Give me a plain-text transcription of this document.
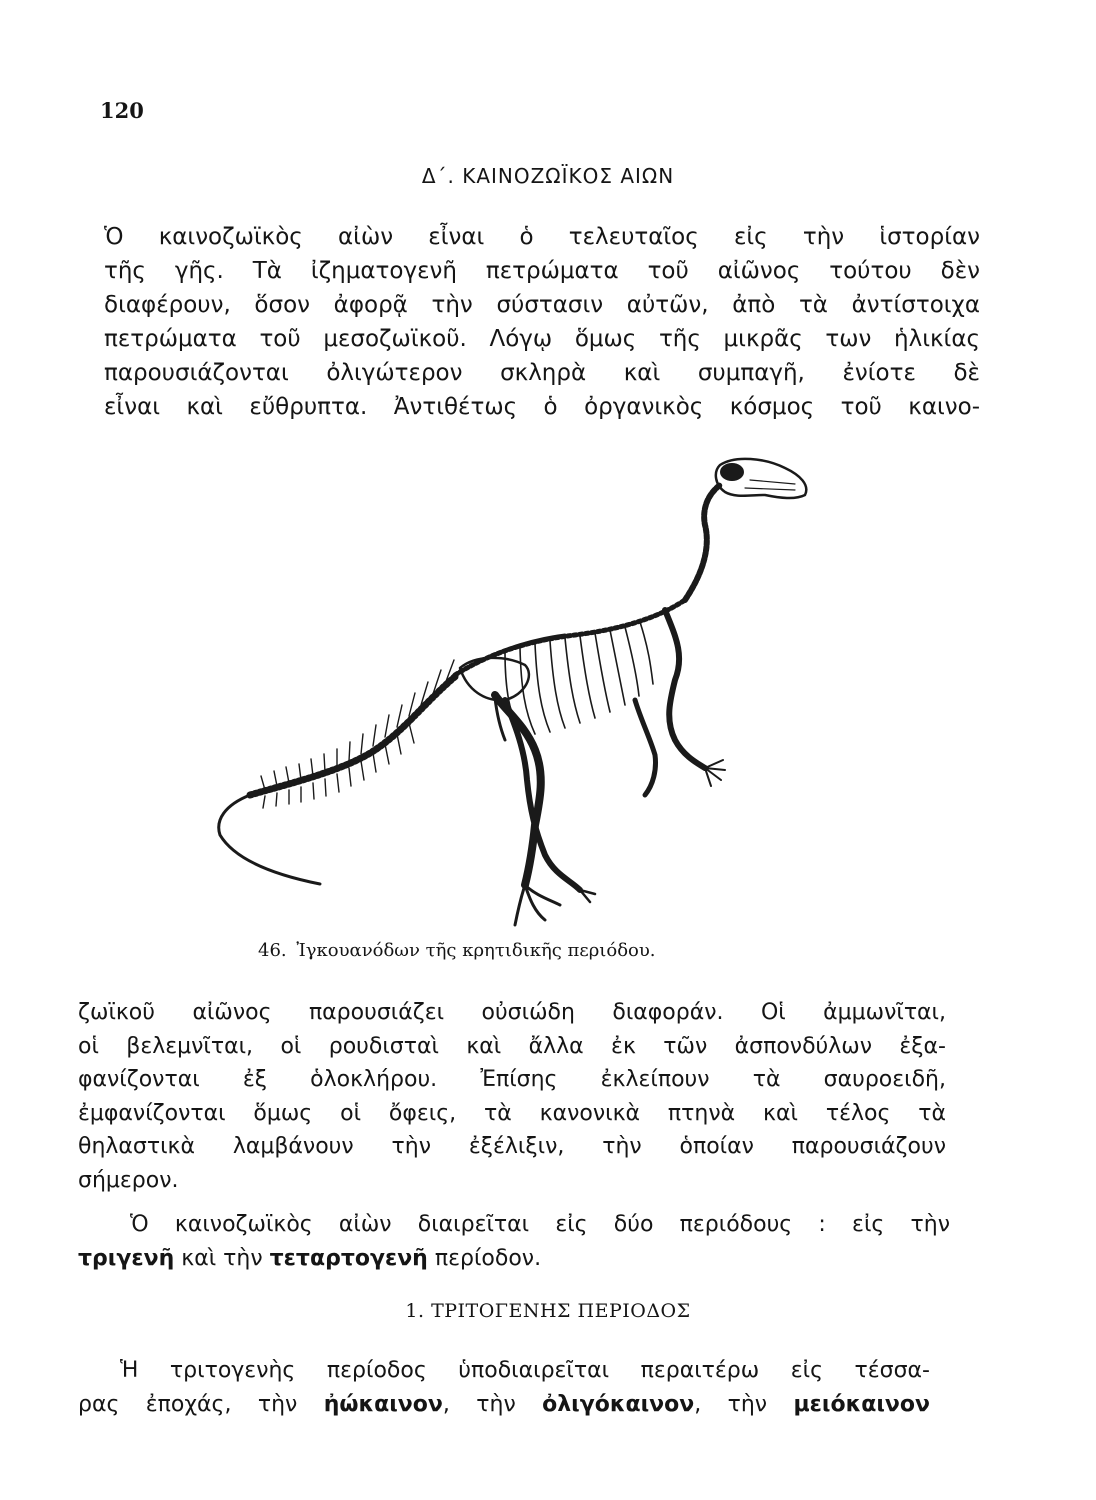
120
Δ΄. ΚΑΙΝΟΖΩΪΚΟΣ ΑΙΩΝ
Ὁ καινοζωϊκὸς αἰὼν εἶναι ὁ τελευταῖος εἰς τὴν ἱστορίαν
τῆς γῆς. Τὰ ἰζηματογενῆ πετρώματα τοῦ αἰῶνος τούτου δὲν
διαφέρουν, ὅσον ἀφορᾷ τὴν σύστασιν αὐτῶν, ἀπὸ τὰ ἀντίστοιχα
πετρώματα τοῦ μεσοζωϊκοῦ. Λόγῳ ὅμως τῆς μικρᾶς των ἡλικίας
παρουσιάζονται ὀλιγώτερον σκληρὰ καὶ συμπαγῆ, ἐνίοτε δὲ
εἶναι καὶ εὔθρυπτα. Ἀντιθέτως ὁ ὀργανικὸς κόσμος τοῦ καινο-
46. Ἰγκουανόδων τῆς κρητιδικῆς περιόδου.
ζωϊκοῦ αἰῶνος παρουσιάζει οὐσιώδη διαφοράν. Οἱ ἀμμωνῖται,
οἱ βελεμνῖται, οἱ ρουδισταὶ καὶ ἄλλα ἐκ τῶν ἀσπονδύλων ἐξα-
φανίζονται ἐξ ὁλοκλήρου. Ἐπίσης ἐκλείπουν τὰ σαυροειδῆ,
ἐμφανίζονται ὅμως οἱ ὄφεις, τὰ κανονικὰ πτηνὰ καὶ τέλος τὰ
θηλαστικὰ λαμβάνουν τὴν ἐξέλιξιν, τὴν ὁποίαν παρουσιάζουν
σήμερον.
Ὁ καινοζωϊκὸς αἰὼν διαιρεῖται εἰς δύο περιόδους : εἰς τὴν
τριγενῆ καὶ τὴν τεταρτογενῆ περίοδον.
1. ΤΡΙΤΟΓΕΝΗΣ ΠΕΡΙΟΔΟΣ
Ἡ τριτογενὴς περίοδος ὑποδιαιρεῖται περαιτέρω εἰς τέσσα-
ρας ἐποχάς, τὴν ἠώκαινον, τὴν ὀλιγόκαινον, τὴν μειόκαινον
